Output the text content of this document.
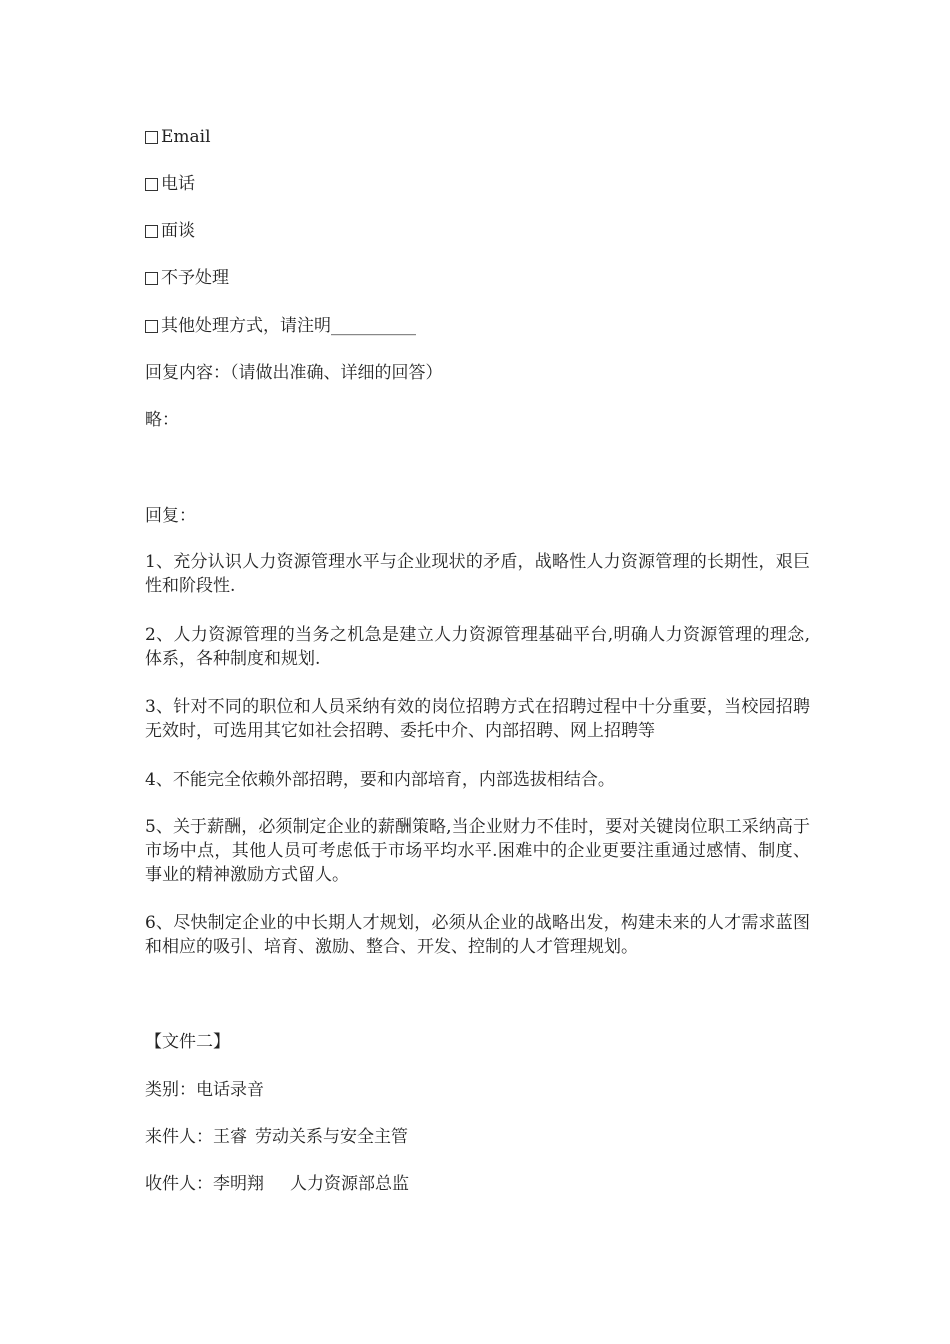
Email
电话
面谈
不予处理
其他处理方式，请注明__________
回复内容：（请做出准确、详细的回答）
略：
回复：
1、充分认识人力资源管理水平与企业现状的矛盾，战略性人力资源管理的长期性，艰巨性和阶段性.
2、人力资源管理的当务之机急是建立人力资源管理基础平台,明确人力资源管理的理念,体系，各种制度和规划.
3、针对不同的职位和人员采纳有效的岗位招聘方式在招聘过程中十分重要，当校园招聘无效时，可选用其它如社会招聘、委托中介、内部招聘、网上招聘等
4、不能完全依赖外部招聘，要和内部培育，内部选拔相结合。
5、关于薪酬，必须制定企业的薪酬策略,当企业财力不佳时，要对关键岗位职工采纳高于市场中点，其他人员可考虑低于市场平均水平.困难中的企业更要注重通过感情、制度、事业的精神激励方式留人。
6、尽快制定企业的中长期人才规划，必须从企业的战略出发，构建未来的人才需求蓝图和相应的吸引、培育、激励、整合、开发、控制的人才管理规划。
【文件二】
类别：电话录音
来件人：王睿 劳动关系与安全主管
收件人：李明翔 人力资源部总监
